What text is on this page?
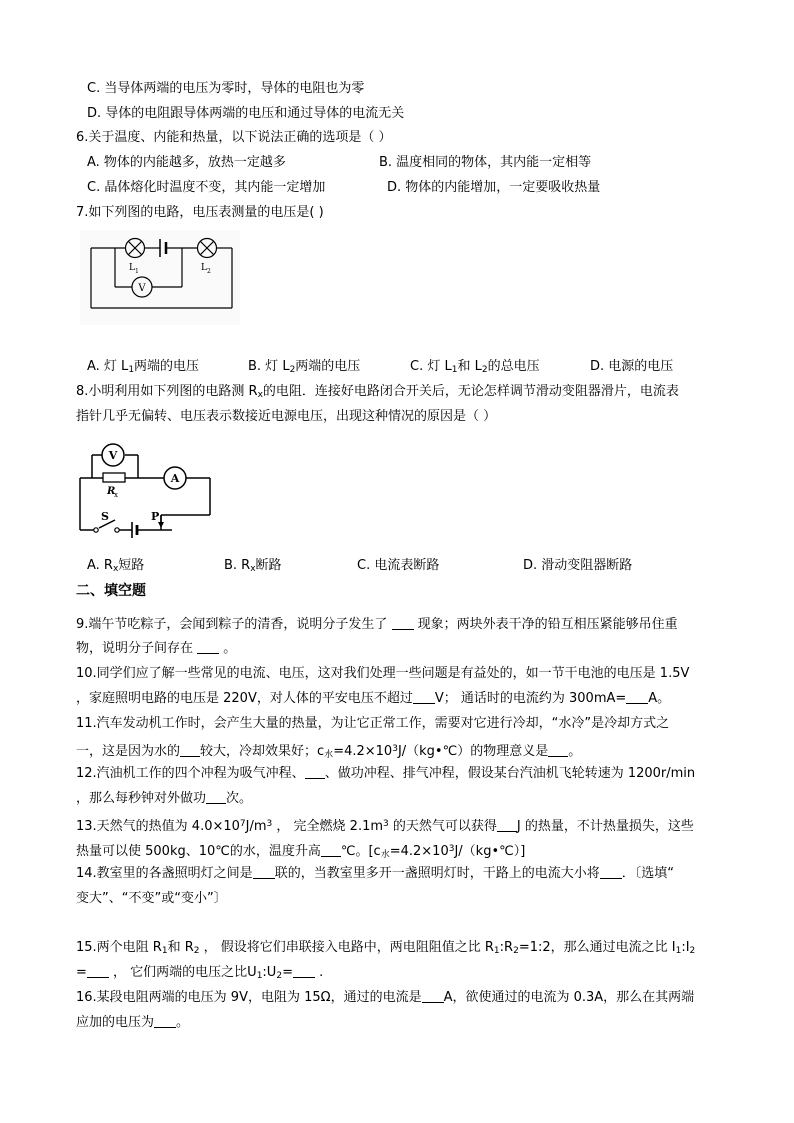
C. 当导体两端的电压为零时，导体的电阻也为零
D. 导体的电阻跟导体两端的电压和通过导体的电流无关
6.关于温度、内能和热量，以下说法正确的选项是（ ）
A. 物体的内能越多，放热一定越多	B. 温度相同的物体，其内能一定相等
C. 晶体熔化时温度不变，其内能一定增加	D. 物体的内能增加，一定要吸收热量
7.如下列图的电路，电压表测量的电压是( )
V
L 1	L 2
A. 灯 $L_1$两端的电压	B. 灯 $L_2$两端的电压	C. 灯 $L_1$和 $L_2$的总电压	D. 电源的电压
8.小明利用如下列图的电路测 $R_x$的电阻．连接好电路闭合开关后，无论怎样调节滑动变阻器滑片，电流表
指针几乎无偏转、电压表示数接近电源电压，出现这种情况的原因是（ ）
V
A
R
x
S	P
A. $R_x$短路	B. $R_x$断路	C. 电流表断路	D. 滑动变阻器断路
二、填空题
9.端午节吃粽子，会闻到粽子的清香，说明分子发生了  现象；两块外表干净的铅互相压紧能够吊住重
物，说明分子间存在  。
10.同学们应了解一些常见的电流、电压，这对我们处理一些问题是有益处的，如一节干电池的电压是 1.5V
，家庭照明电路的电压是 220V，对人体的平安电压不超过 V； 通话时的电流约为 300mA= A。
11.汽车发动机工作时，会产生大量的热量，为让它正常工作，需要对它进行冷却，“水冷”是冷却方式之
一，这是因为水的 较大，冷却效果好；$c_水=4.2\times 10^3J/(kg•℃)$的物理意义是 。
12.汽油机工作的四个冲程为吸气冲程、 、做功冲程、排气冲程，假设某台汽油机飞轮转速为 1200r/min
，那么每秒钟对外做功 次。
13.天然气的热值为 $4.0\times 10^7J/m^3$ ， 完全燃烧 $2.1m^3$ 的天然气可以获得 J 的热量，不计热量损失，这些
热量可以使 500kg、10℃的水，温度升高 ℃。$[c_水=4.2\times 10^3J/(kg•℃)]$
14.教室里的各盏照明灯之间是 联的，当教室里多开一盏照明灯时，干路上的电流大小将 ．〔选填“
变大”、“不变”或“变小”〕
15.两个电阻 $R_1$和 $R_2$ ， 假设将它们串联接入电路中，两电阻阻值之比 $R_1:R_2=1:2$，那么通过电流之比 $I_1:I_2$
= ， 它们两端的电压之比$U_1:U_2=$ .
16.某段电阻两端的电压为 9V，电阻为 15Ω，通过的电流是 A，欲使通过的电流为 0.3A，那么在其两端
应加的电压为 。
